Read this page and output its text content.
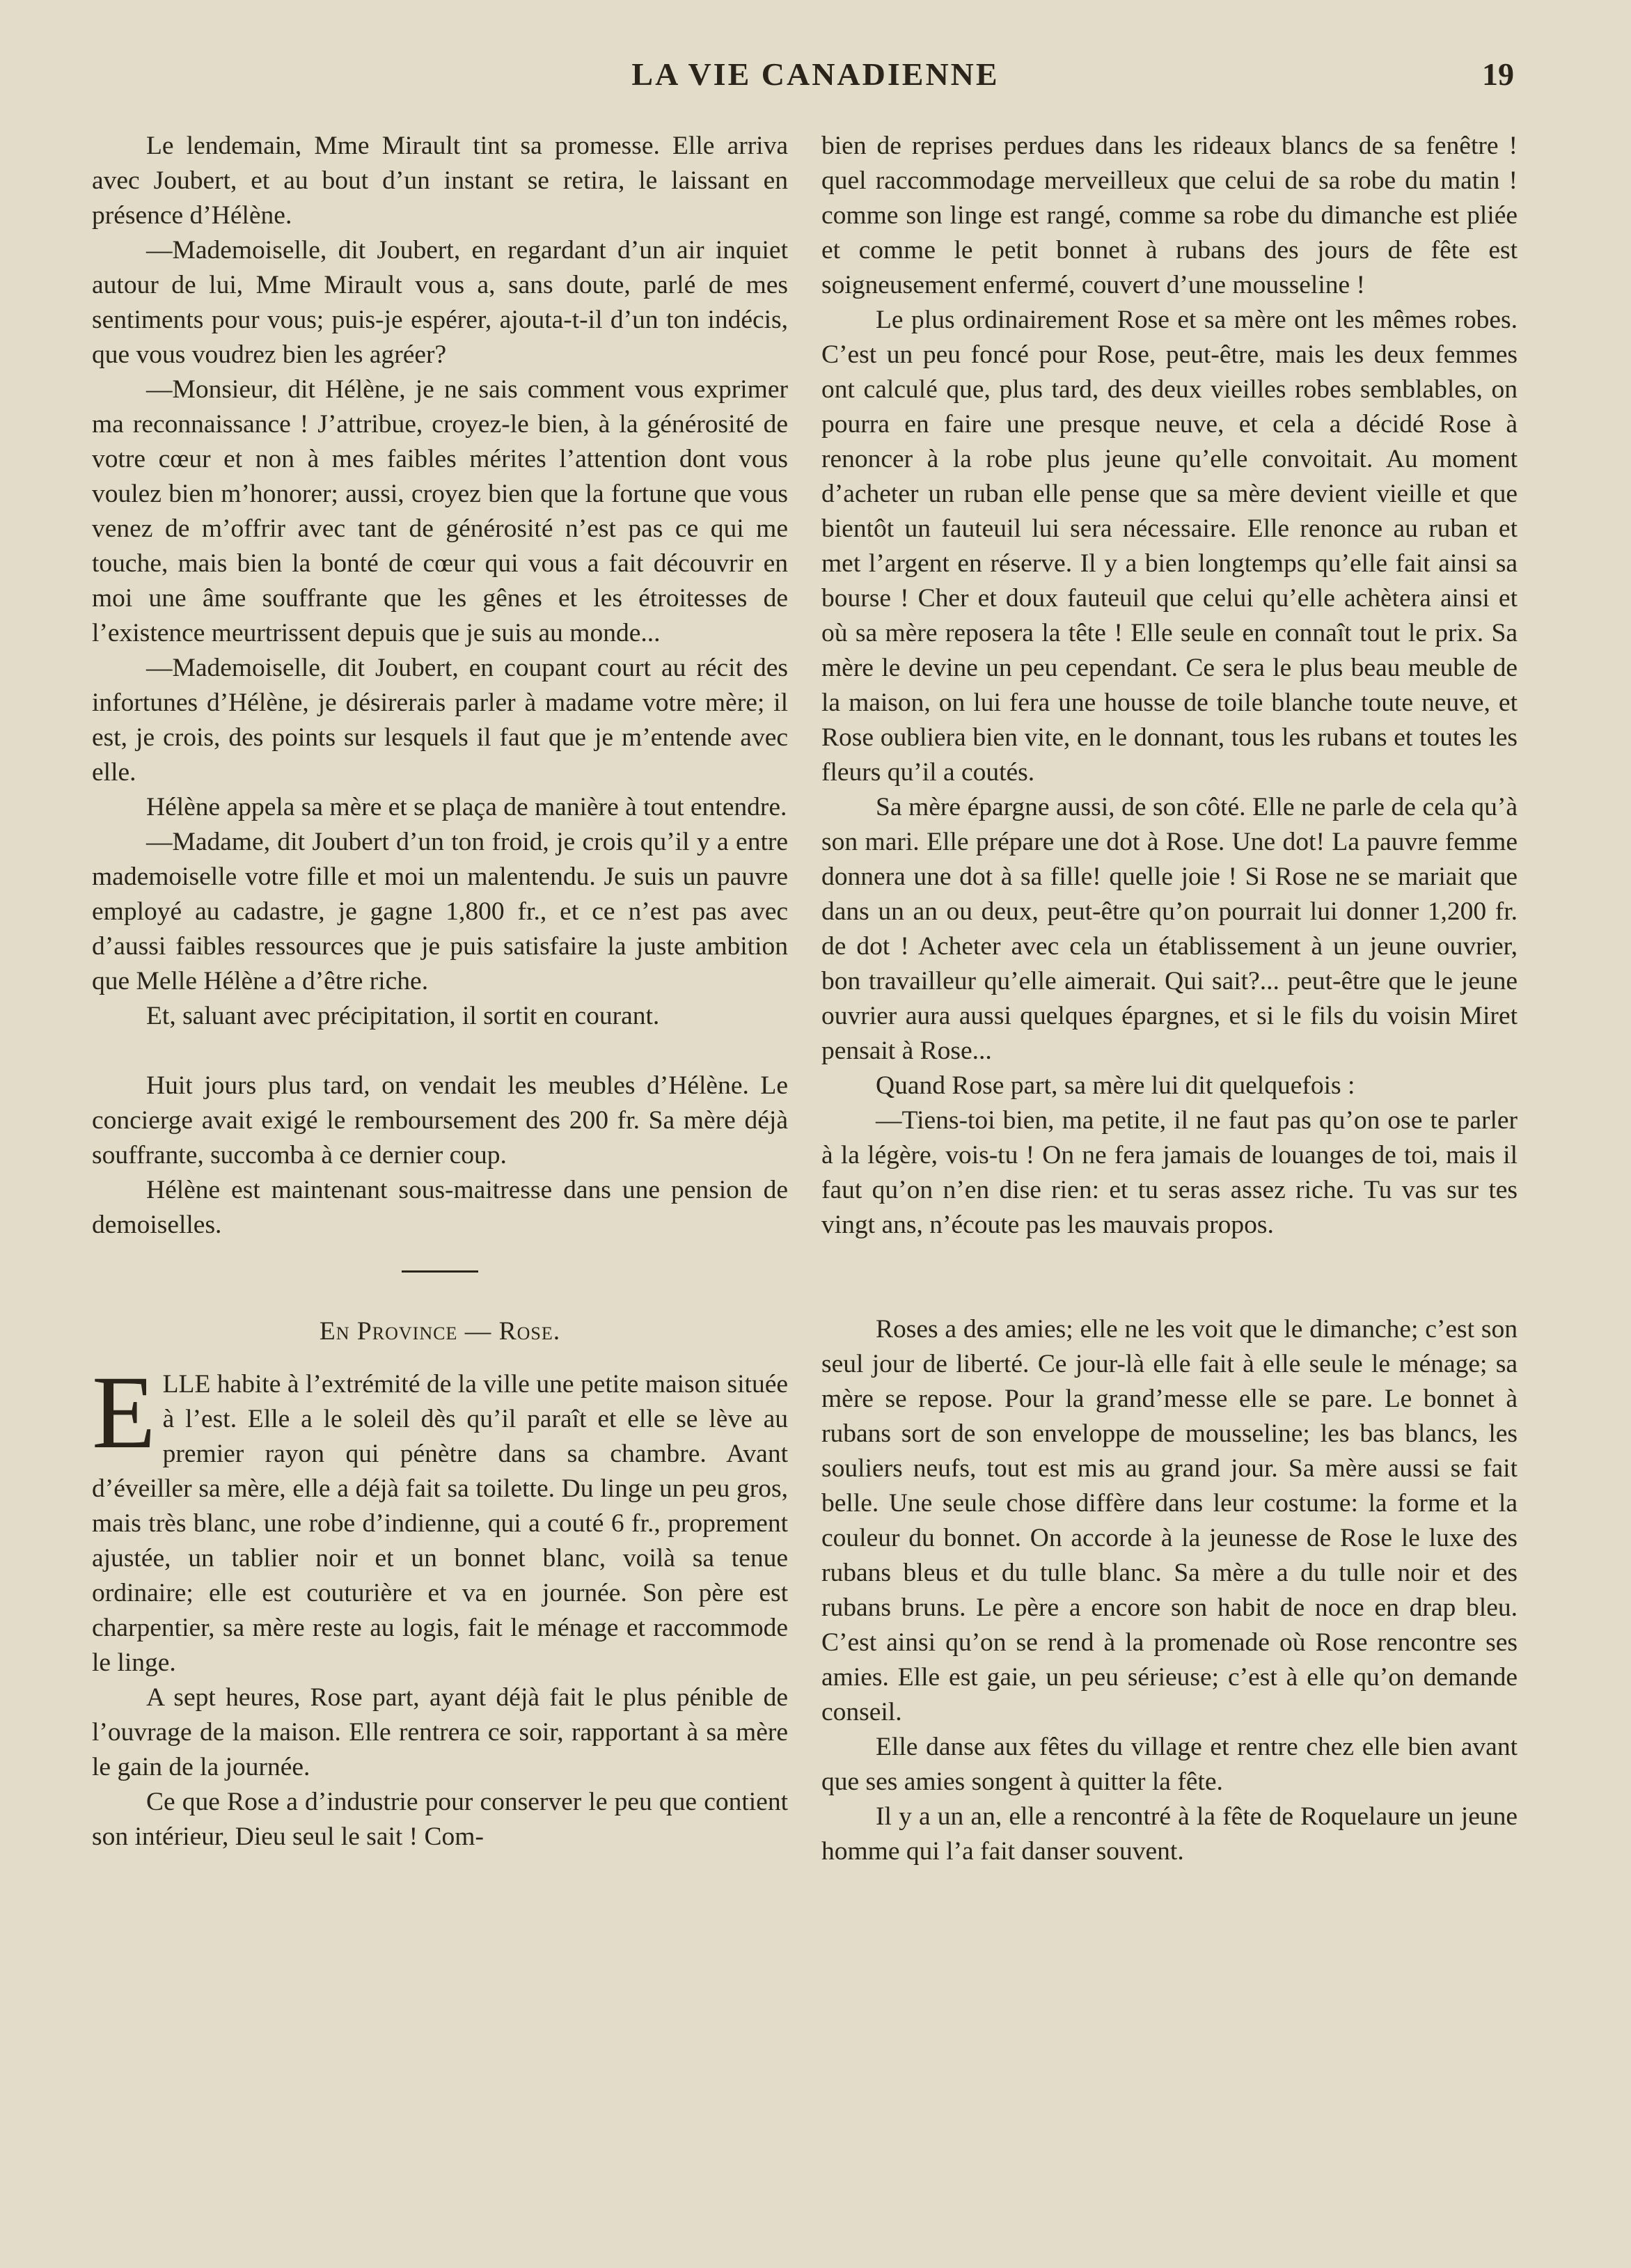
LA VIE CANADIENNE	19

Le lendemain, Mme Mirault tint sa promesse. Elle arriva avec Joubert, et au bout d’un instant se retira, le laissant en présence d’Hélène.

—Mademoiselle, dit Joubert, en regardant d’un air inquiet autour de lui, Mme Mirault vous a, sans doute, parlé de mes sentiments pour vous; puis-je espérer, ajouta-t-il d’un ton indécis, que vous voudrez bien les agréer?

—Monsieur, dit Hélène, je ne sais comment vous exprimer ma reconnaissance ! J’attribue, croyez-le bien, à la générosité de votre cœur et non à mes faibles mérites l’attention dont vous voulez bien m’honorer; aussi, croyez bien que la fortune que vous venez de m’offrir avec tant de générosité n’est pas ce qui me touche, mais bien la bonté de cœur qui vous a fait découvrir en moi une âme souffrante que les gênes et les étroitesses de l’existence meurtrissent depuis que je suis au monde...

—Mademoiselle, dit Joubert, en coupant court au récit des infortunes d’Hélène, je désirerais parler à madame votre mère; il est, je crois, des points sur lesquels il faut que je m’entende avec elle.

Hélène appela sa mère et se plaça de manière à tout entendre.

—Madame, dit Joubert d’un ton froid, je crois qu’il y a entre mademoiselle votre fille et moi un malentendu. Je suis un pauvre employé au cadastre, je gagne 1,800 fr., et ce n’est pas avec d’aussi faibles ressources que je puis satisfaire la juste ambition que Melle Hélène a d’être riche.

Et, saluant avec précipitation, il sortit en courant.

Huit jours plus tard, on vendait les meubles d’Hélène. Le concierge avait exigé le remboursement des 200 fr. Sa mère déjà souffrante, succomba à ce dernier coup.

Hélène est maintenant sous-maitresse dans une pension de demoiselles.

En Province — Rose.

ELLE habite à l’extrémité de la ville une petite maison située à l’est. Elle a le soleil dès qu’il paraît et elle se lève au premier rayon qui pénètre dans sa chambre. Avant d’éveiller sa mère, elle a déjà fait sa toilette. Du linge un peu gros, mais très blanc, une robe d’indienne, qui a couté 6 fr., proprement ajustée, un tablier noir et un bonnet blanc, voilà sa tenue ordinaire; elle est couturière et va en journée. Son père est charpentier, sa mère reste au logis, fait le ménage et raccommode le linge.

A sept heures, Rose part, ayant déjà fait le plus pénible de l’ouvrage de la maison. Elle rentrera ce soir, rapportant à sa mère le gain de la journée.

Ce que Rose a d’industrie pour conserver le peu que contient son intérieur, Dieu seul le sait ! Com-

bien de reprises perdues dans les rideaux blancs de sa fenêtre ! quel raccommodage merveilleux que celui de sa robe du matin ! comme son linge est rangé, comme sa robe du dimanche est pliée et comme le petit bonnet à rubans des jours de fête est soigneusement enfermé, couvert d’une mousseline !

Le plus ordinairement Rose et sa mère ont les mêmes robes. C’est un peu foncé pour Rose, peut-être, mais les deux femmes ont calculé que, plus tard, des deux vieilles robes semblables, on pourra en faire une presque neuve, et cela a décidé Rose à renoncer à la robe plus jeune qu’elle convoitait. Au moment d’acheter un ruban elle pense que sa mère devient vieille et que bientôt un fauteuil lui sera nécessaire. Elle renonce au ruban et met l’argent en réserve. Il y a bien longtemps qu’elle fait ainsi sa bourse ! Cher et doux fauteuil que celui qu’elle achètera ainsi et où sa mère reposera la tête ! Elle seule en connaît tout le prix. Sa mère le devine un peu cependant. Ce sera le plus beau meuble de la maison, on lui fera une housse de toile blanche toute neuve, et Rose oubliera bien vite, en le donnant, tous les rubans et toutes les fleurs qu’il a coutés.

Sa mère épargne aussi, de son côté. Elle ne parle de cela qu’à son mari. Elle prépare une dot à Rose. Une dot! La pauvre femme donnera une dot à sa fille! quelle joie ! Si Rose ne se mariait que dans un an ou deux, peut-être qu’on pourrait lui donner 1,200 fr. de dot ! Acheter avec cela un établissement à un jeune ouvrier, bon travailleur qu’elle aimerait. Qui sait?... peut-être que le jeune ouvrier aura aussi quelques épargnes, et si le fils du voisin Miret pensait à Rose...

Quand Rose part, sa mère lui dit quelquefois :

—Tiens-toi bien, ma petite, il ne faut pas qu’on ose te parler à la légère, vois-tu ! On ne fera jamais de louanges de toi, mais il faut qu’on n’en dise rien: et tu seras assez riche. Tu vas sur tes vingt ans, n’écoute pas les mauvais propos.

Roses a des amies; elle ne les voit que le dimanche; c’est son seul jour de liberté. Ce jour-là elle fait à elle seule le ménage; sa mère se repose. Pour la grand’messe elle se pare. Le bonnet à rubans sort de son enveloppe de mousseline; les bas blancs, les souliers neufs, tout est mis au grand jour. Sa mère aussi se fait belle. Une seule chose diffère dans leur costume: la forme et la couleur du bonnet. On accorde à la jeunesse de Rose le luxe des rubans bleus et du tulle blanc. Sa mère a du tulle noir et des rubans bruns. Le père a encore son habit de noce en drap bleu. C’est ainsi qu’on se rend à la promenade où Rose rencontre ses amies. Elle est gaie, un peu sérieuse; c’est à elle qu’on demande conseil.

Elle danse aux fêtes du village et rentre chez elle bien avant que ses amies songent à quitter la fête.

Il y a un an, elle a rencontré à la fête de Roquelaure un jeune homme qui l’a fait danser souvent.
